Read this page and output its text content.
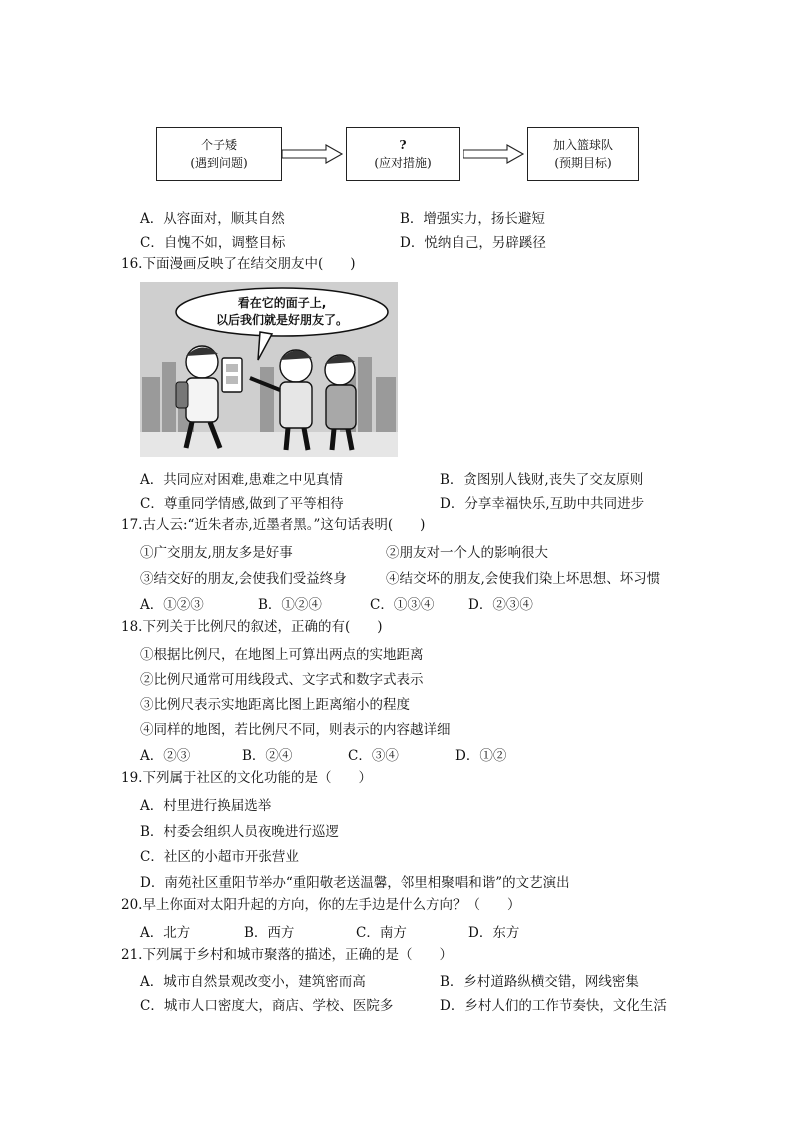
个子矮
(遇到问题)
?
(应对措施)
加入篮球队
(预期目标)
A．从容面对，顺其自然	B．增强实力，扬长避短
C．自愧不如，调整目标	D．悦纳自己，另辟蹊径
16.下面漫画反映了在结交朋友中(　　)
看在它的面子上,
以后我们就是好朋友了。
A．共同应对困难,患难之中见真情	B．贪图别人钱财,丧失了交友原则
C．尊重同学情感,做到了平等相待	D．分享幸福快乐,互助中共同进步
17.古人云:“近朱者赤,近墨者黑。”这句话表明(　　)
①广交朋友,朋友多是好事	②朋友对一个人的影响很大
③结交好的朋友,会使我们受益终身	④结交坏的朋友,会使我们染上坏思想、坏习惯
A．①②③	B．①②④	C．①③④ D．②③④
18.下列关于比例尺的叙述，正确的有(　　)
①根据比例尺，在地图上可算出两点的实地距离
②比例尺通常可用线段式、文字式和数字式表示
③比例尺表示实地距离比图上距离缩小的程度
④同样的地图，若比例尺不同，则表示的内容越详细
A．②③	B．②④	C．③④	D．①②
19.下列属于社区的文化功能的是（　　）
A．村里进行换届选举
B．村委会组织人员夜晚进行巡逻
C．社区的小超市开张营业
D．南苑社区重阳节举办“重阳敬老送温馨，邻里相聚唱和谐”的文艺演出
20.早上你面对太阳升起的方向，你的左手边是什么方向？（　　）
A．北方	B．西方	C．南方	D．东方
21.下列属于乡村和城市聚落的描述，正确的是（　　）
A．城市自然景观改变小，建筑密而高	B．乡村道路纵横交错，网线密集
C．城市人口密度大，商店、学校、医院多	D．乡村人们的工作节奏快，文化生活
